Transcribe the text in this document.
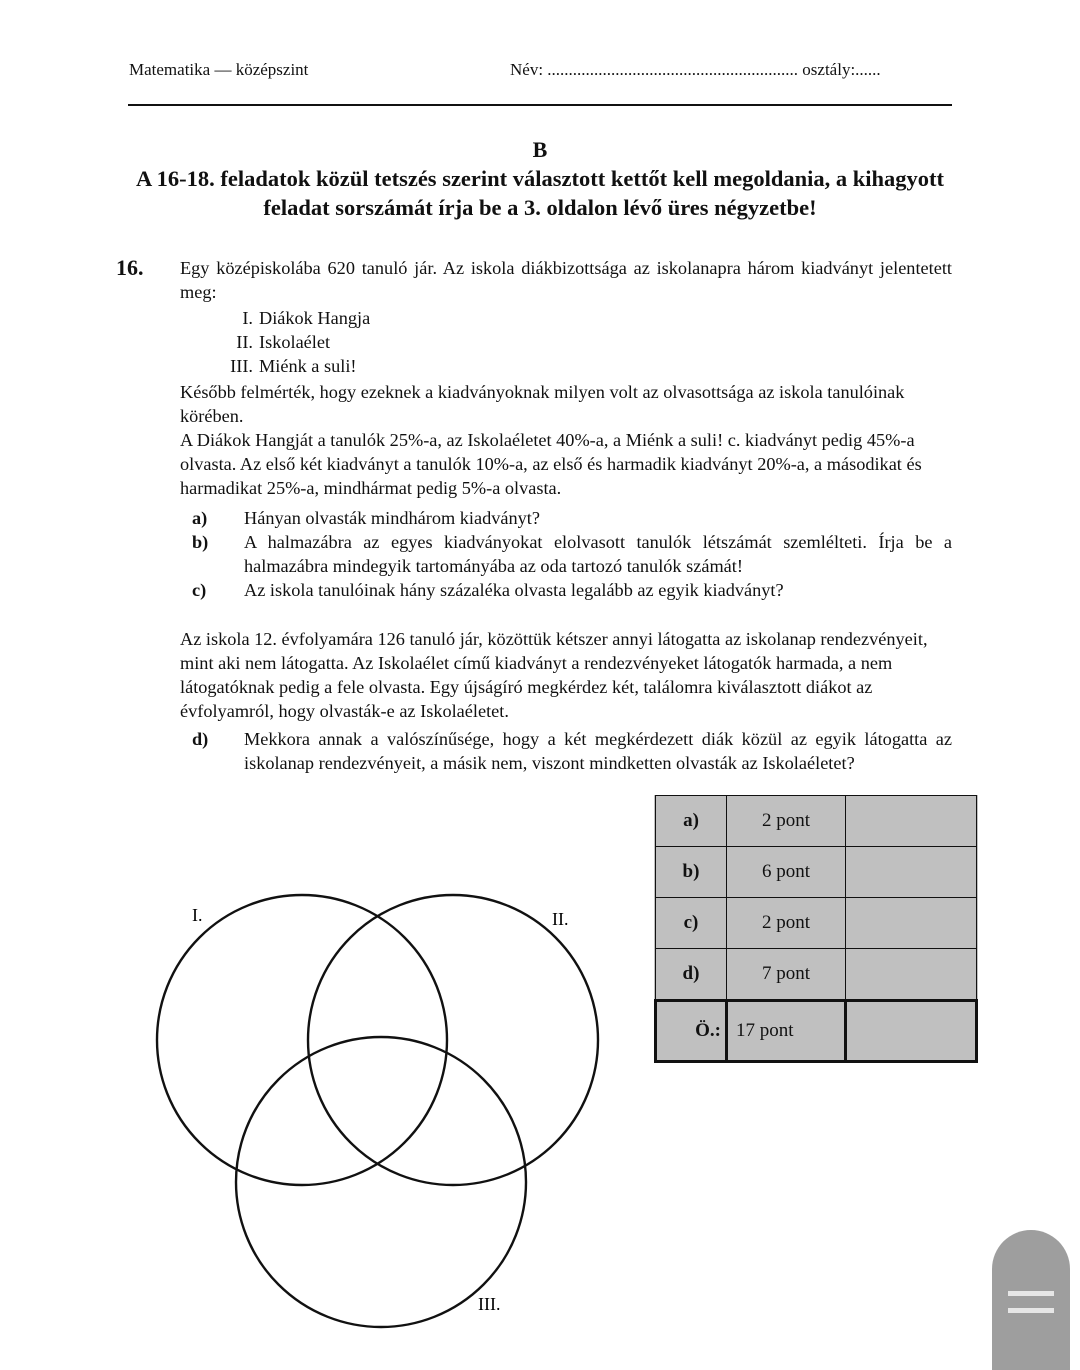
Matematika — középszint	Név: ........................................................... osztály:......
B
A 16-18. feladatok közül tetszés szerint választott kettőt kell megoldania, a kihagyott feladat sorszámát írja be a 3. oldalon lévő üres négyzetbe!
16. Egy középiskolába 620 tanuló jár. Az iskola diákbizottsága az iskolanapra három kiadványt jelentetett meg:
I. Diákok Hangja
II. Iskolaélet
III. Miénk a suli!
Később felmérték, hogy ezeknek a kiadványoknak milyen volt az olvasottsága az iskola tanulóinak körében.
A Diákok Hangját a tanulók 25%-a, az Iskolaéletet 40%-a, a Miénk a suli! c. kiadványt pedig 45%-a olvasta. Az első két kiadványt a tanulók 10%-a, az első és harmadik kiadványt 20%-a, a másodikat és harmadikat 25%-a, mindhármat pedig 5%-a olvasta.
a)	Hányan olvasták mindhárom kiadványt?
b)	A halmazábra az egyes kiadványokat elolvasott tanulók létszámát szemlélteti. Írja be a halmazábra mindegyik tartományába az oda tartozó tanulók számát!
c)	Az iskola tanulóinak hány százaléka olvasta legalább az egyik kiadványt?
Az iskola 12. évfolyamára 126 tanuló jár, közöttük kétszer annyi látogatta az iskolanap rendezvényeit, mint aki nem látogatta. Az Iskolaélet című kiadványt a rendezvényeket látogatók harmada, a nem látogatóknak pedig a fele olvasta. Egy újságíró megkérdez két, találomra kiválasztott diákot az évfolyamról, hogy olvasták-e az Iskolaéletet.
d)	Mekkora annak a valószínűsége, hogy a két megkérdezett diák közül az egyik látogatta az iskolanap rendezvényeit, a másik nem, viszont mindketten olvasták az Iskolaéletet?
a)	2 pont	
b)	6 pont	
c)	2 pont	
d)	7 pont	
Ö.:	17 pont	
I.	II.
III.
